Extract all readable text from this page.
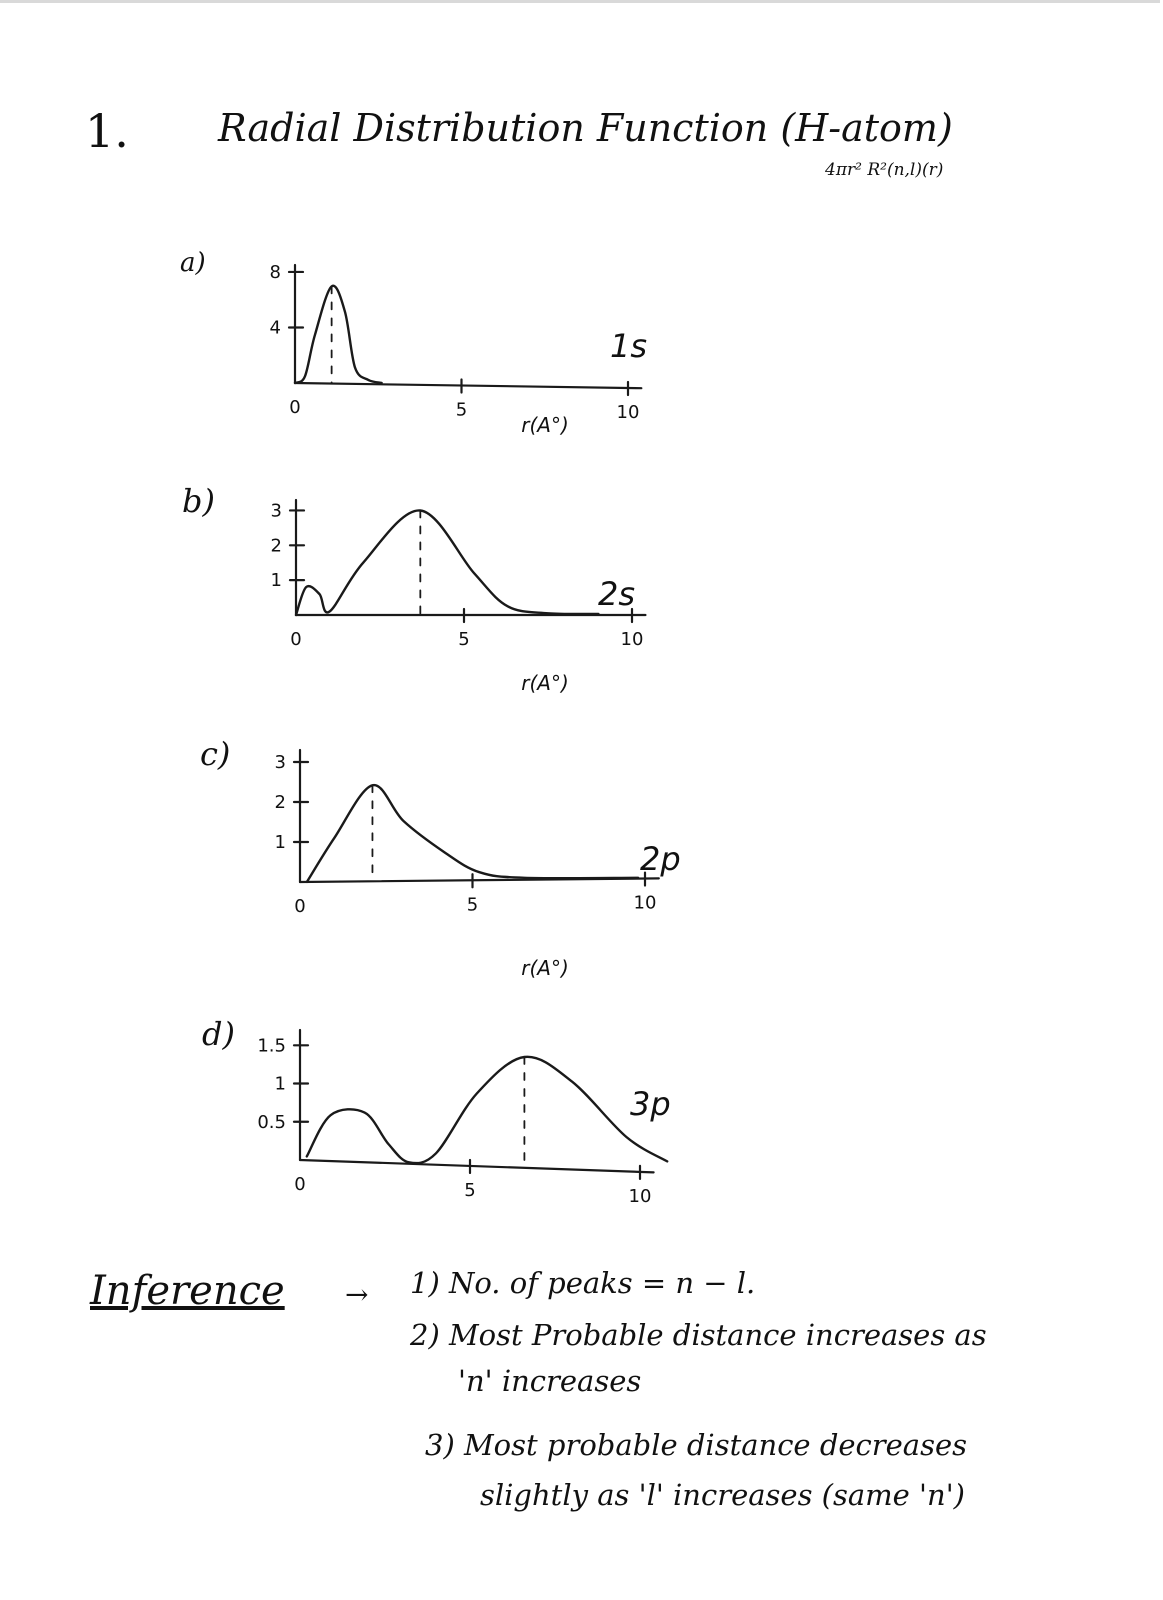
1. Radial Distribution Function (H-atom)
4πr² R²(n,l)(r)
a)
b)
c)
d)
4
8
0	5	10
1s
r(A°)
1
2
3
0	5	10
2s
r(A°)
1
2
3
0	5	10
2p
r(A°)
0.5
1
1.5
0	5	10
3p
Inference → 1) No. of peaks = n − l.
2) Most Probable distance increases as
'n' increases
3) Most probable distance decreases
slightly as 'l' increases (same 'n')
